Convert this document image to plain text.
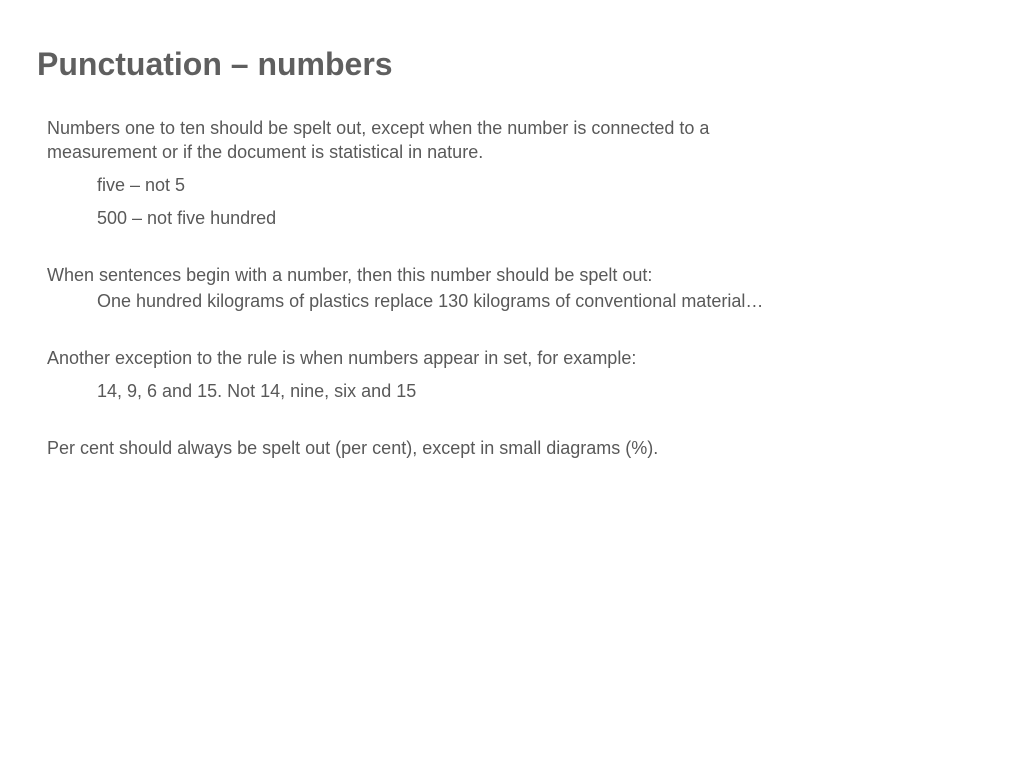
Punctuation – numbers

Numbers one to ten should be spelt out, except when the number is connected to a measurement or if the document is statistical in nature.

five – not 5

500 – not five hundred

When sentences begin with a number, then this number should be spelt out:

One hundred kilograms of plastics replace 130 kilograms of conventional material…

Another exception to the rule is when numbers appear in set, for example:

14, 9, 6 and 15. Not 14, nine, six and 15

Per cent should always be spelt out (per cent), except in small diagrams (%).
